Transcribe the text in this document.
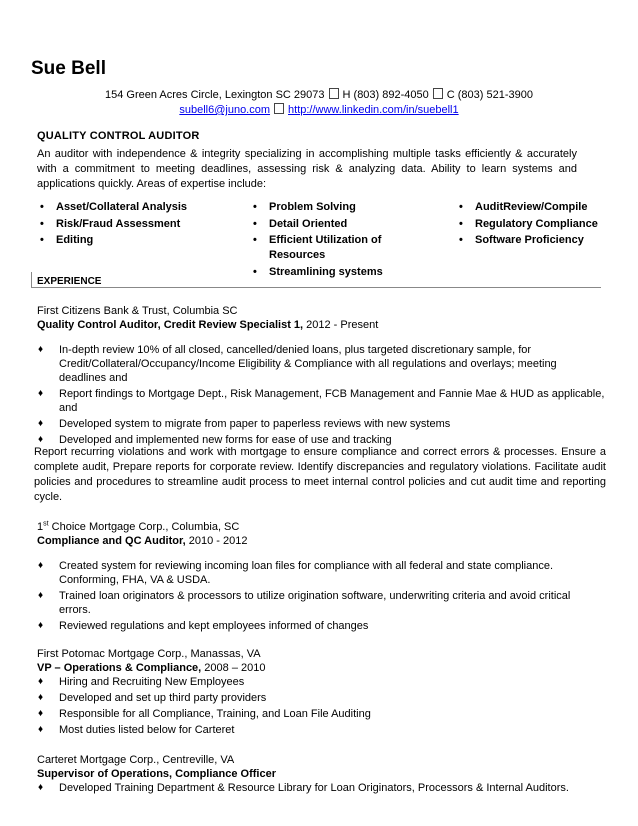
Sue Bell
154 Green Acres Circle, Lexington SC 29073 H (803) 892-4050 C (803) 521-3900
subell6@juno.com http://www.linkedin.com/in/suebell1
QUALITY CONTROL AUDITOR
An auditor with independence & integrity specializing in accomplishing multiple tasks efficiently & accurately with a commitment to meeting deadlines, assessing risk & analyzing data. Ability to learn systems and applications quickly. Areas of expertise include:
• Asset/Collateral Analysis
• Risk/Fraud Assessment
• Editing
• Problem Solving
• Detail Oriented
• Efficient Utilization of Resources
• Streamlining systems
• AuditReview/Compile
• Regulatory Compliance
• Software Proficiency
EXPERIENCE
First Citizens Bank & Trust, Columbia SC
Quality Control Auditor, Credit Review Specialist 1, 2012 - Present
♦ In-depth review 10% of all closed, cancelled/denied loans, plus targeted discretionary sample, for Credit/Collateral/Occupancy/Income Eligibility & Compliance with all regulations and overlays; meeting deadlines and
♦ Report findings to Mortgage Dept., Risk Management, FCB Management and Fannie Mae & HUD as applicable, and
♦ Developed system to migrate from paper to paperless reviews with new systems
♦ Developed and implemented new forms for ease of use and tracking
Report recurring violations and work with mortgage to ensure compliance and correct errors & processes. Ensure a complete audit, Prepare reports for corporate review. Identify discrepancies and regulatory violations. Facilitate audit policies and procedures to streamline audit process to meet internal control policies and cut audit time and reporting cycle.
1st Choice Mortgage Corp., Columbia, SC
Compliance and QC Auditor, 2010 - 2012
♦ Created system for reviewing incoming loan files for compliance with all federal and state compliance. Conforming, FHA, VA & USDA.
♦ Trained loan originators & processors to utilize origination software, underwriting criteria and avoid critical errors.
♦ Reviewed regulations and kept employees informed of changes
First Potomac Mortgage Corp., Manassas, VA
VP – Operations & Compliance, 2008 – 2010
♦ Hiring and Recruiting New Employees
♦ Developed and set up third party providers
♦ Responsible for all Compliance, Training, and Loan File Auditing
♦ Most duties listed below for Carteret
Carteret Mortgage Corp., Centreville, VA
Supervisor of Operations, Compliance Officer
♦ Developed Training Department & Resource Library for Loan Originators, Processors & Internal Auditors.
